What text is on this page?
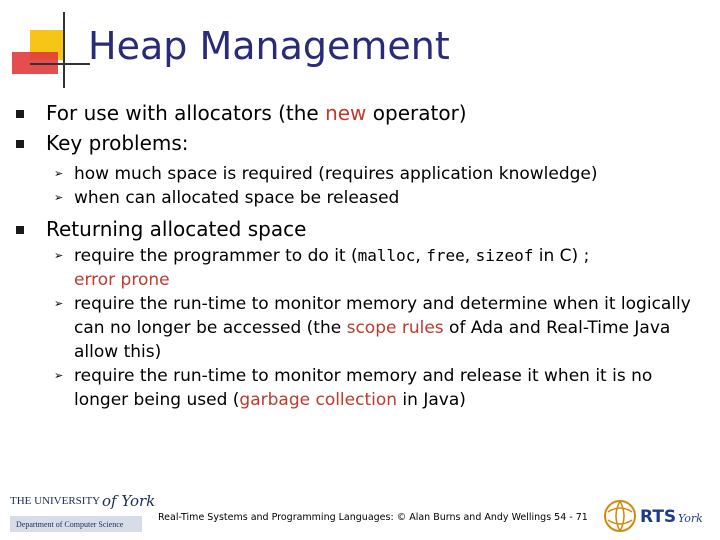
Heap Management
For use with allocators (the new operator)
Key problems:
➢ how much space is required (requires application knowledge)
➢ when can allocated space be released
Returning allocated space
➢ require the programmer to do it (malloc, free, sizeof in C) ;
error prone
➢ require the run-time to monitor memory and determine when it logically can no longer be accessed (the scope rules of Ada and Real-Time Java allow this)
➢ require the run-time to monitor memory and release it when it is no longer being used (garbage collection in Java)
THE UNIVERSITY of York
Department of Computer Science
Real-Time Systems and Programming Languages: © Alan Burns and Andy Wellings 54 - 71	RTS York
